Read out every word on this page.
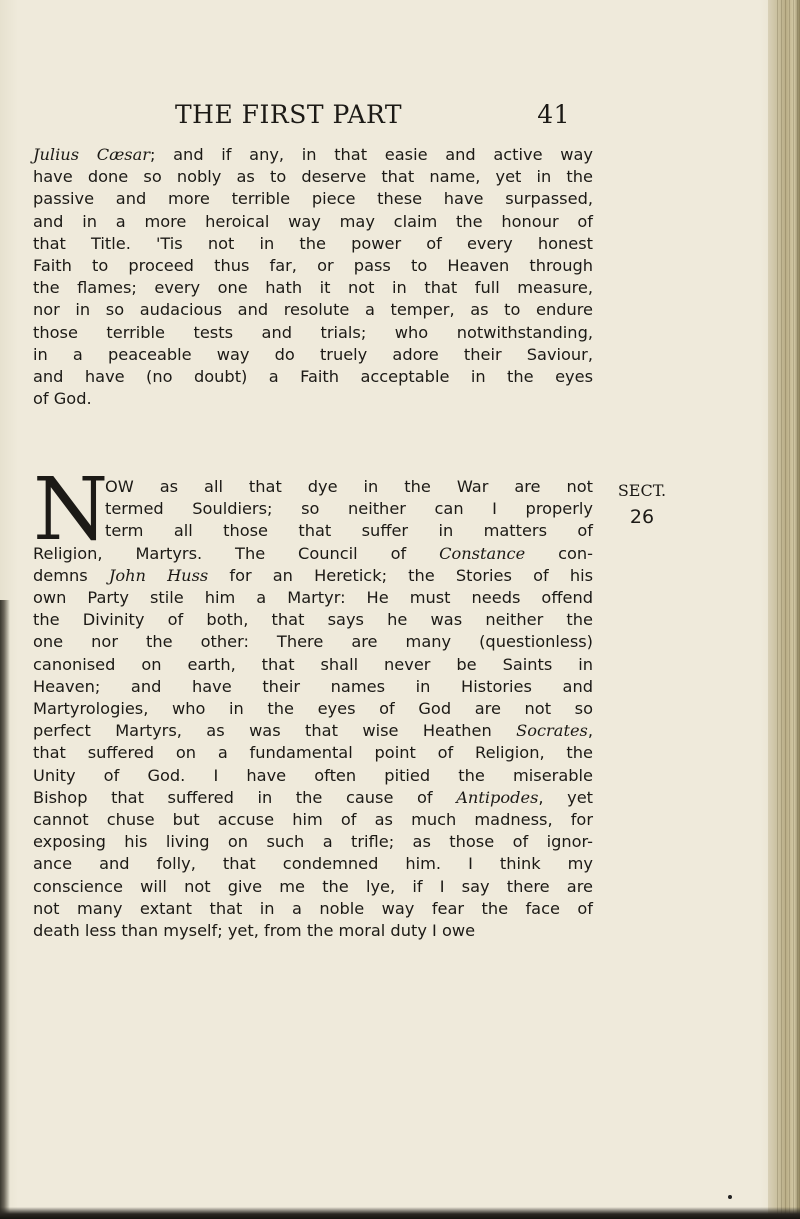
THE FIRST PART	41
Julius Cæsar; and if any, in that easie and active way
have done so nobly as to deserve that name, yet in the
passive and more terrible piece these have surpassed,
and in a more heroical way may claim the honour of
that Title. 'Tis not in the power of every honest
Faith to proceed thus far, or pass to Heaven through
the flames; every one hath it not in that full measure,
nor in so audacious and resolute a temper, as to endure
those terrible tests and trials; who notwithstanding,
in a peaceable way do truely adore their Saviour,
and have (no doubt) a Faith acceptable in the eyes
of God.
N
OW as all that dye in the War are not
termed Souldiers; so neither can I properly
term all those that suffer in matters of
Religion, Martyrs. The Council of Constance con-
demns John Huss for an Heretick; the Stories of his
own Party stile him a Martyr: He must needs offend
the Divinity of both, that says he was neither the
one nor the other: There are many (questionless)
canonised on earth, that shall never be Saints in
Heaven; and have their names in Histories and
Martyrologies, who in the eyes of God are not so
perfect Martyrs, as was that wise Heathen Socrates,
that suffered on a fundamental point of Religion, the
Unity of God. I have often pitied the miserable
Bishop that suffered in the cause of Antipodes, yet
cannot chuse but accuse him of as much madness, for
exposing his living on such a trifle; as those of ignor-
ance and folly, that condemned him. I think my
conscience will not give me the lye, if I say there are
not many extant that in a noble way fear the face of
death less than myself; yet, from the moral duty I owe
SECT.
26
